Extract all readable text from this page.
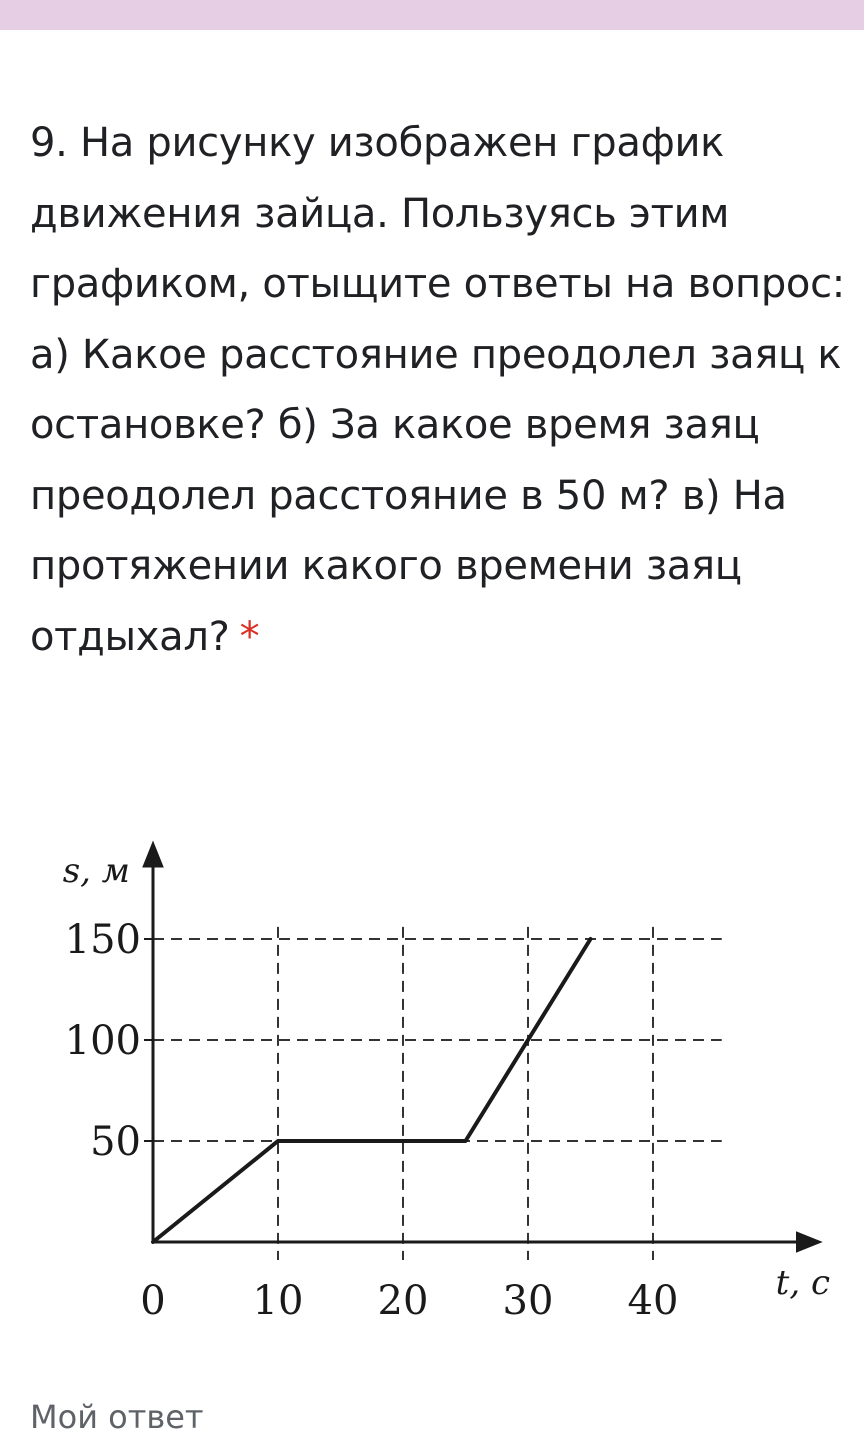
9. На рисунку изображен график движения зайца. Пользуясь этим графиком, отыщите ответы на вопрос: а) Какое расстояние преодолел заяц к остановке? б) За какое время заяц преодолел расстояние в 50 м? в) На протяжении какого времени заяц отдыхал? *
50
100
150
0 10 20 30 40
s, м
t, c
Мой ответ
